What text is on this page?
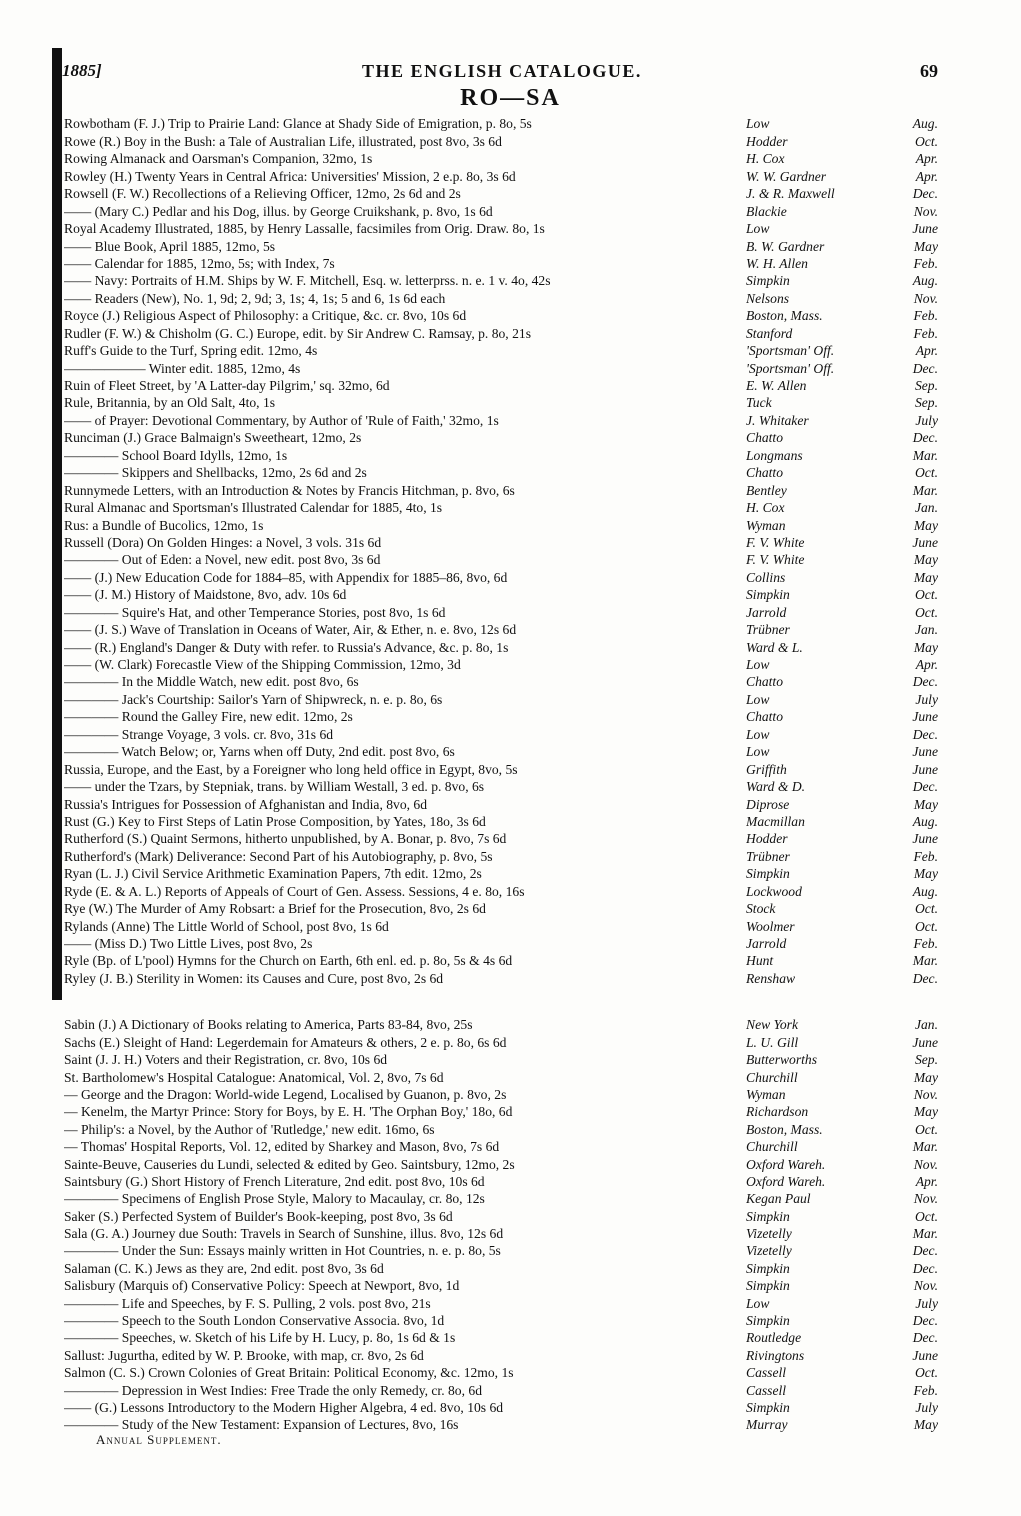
1885]	THE ENGLISH CATALOGUE.	69
RO—SA
Rowbotham (F. J.) Trip to Prairie Land: Glance at Shady Side of Emigration, p. 8o, 5s	Low	Aug.
Rowe (R.) Boy in the Bush: a Tale of Australian Life, illustrated, post 8vo, 3s 6d	Hodder	Oct.
Rowing Almanack and Oarsman's Companion, 32mo, 1s	H. Cox	Apr.
Rowley (H.) Twenty Years in Central Africa: Universities' Mission, 2 e.p. 8o, 3s 6d	W. W. Gardner	Apr.
Rowsell (F. W.) Recollections of a Relieving Officer, 12mo, 2s 6d and 2s	J. & R. Maxwell	Dec.
—— (Mary C.) Pedlar and his Dog, illus. by George Cruikshank, p. 8vo, 1s 6d	Blackie	Nov.
Royal Academy Illustrated, 1885, by Henry Lassalle, facsimiles from Orig. Draw. 8o, 1s	Low	June
—— Blue Book, April 1885, 12mo, 5s	B. W. Gardner	May
—— Calendar for 1885, 12mo, 5s; with Index, 7s	W. H. Allen	Feb.
—— Navy: Portraits of H.M. Ships by W. F. Mitchell, Esq. w. letterprss. n. e. 1 v. 4o, 42s	Simpkin	Aug.
—— Readers (New), No. 1, 9d; 2, 9d; 3, 1s; 4, 1s; 5 and 6, 1s 6d each	Nelsons	Nov.
Royce (J.) Religious Aspect of Philosophy: a Critique, &c. cr. 8vo, 10s 6d	Boston, Mass.	Feb.
Rudler (F. W.) & Chisholm (G. C.) Europe, edit. by Sir Andrew C. Ramsay, p. 8o, 21s	Stanford	Feb.
Ruff's Guide to the Turf, Spring edit. 12mo, 4s	'Sportsman' Off.	Apr.
—————— Winter edit. 1885, 12mo, 4s	'Sportsman' Off.	Dec.
Ruin of Fleet Street, by 'A Latter-day Pilgrim,' sq. 32mo, 6d	E. W. Allen	Sep.
Rule, Britannia, by an Old Salt, 4to, 1s	Tuck	Sep.
—— of Prayer: Devotional Commentary, by Author of 'Rule of Faith,' 32mo, 1s	J. Whitaker	July
Runciman (J.) Grace Balmaign's Sweetheart, 12mo, 2s	Chatto	Dec.
———— School Board Idylls, 12mo, 1s	Longmans	Mar.
———— Skippers and Shellbacks, 12mo, 2s 6d and 2s	Chatto	Oct.
Runnymede Letters, with an Introduction & Notes by Francis Hitchman, p. 8vo, 6s	Bentley	Mar.
Rural Almanac and Sportsman's Illustrated Calendar for 1885, 4to, 1s	H. Cox	Jan.
Rus: a Bundle of Bucolics, 12mo, 1s	Wyman	May
Russell (Dora) On Golden Hinges: a Novel, 3 vols. 31s 6d	F. V. White	June
———— Out of Eden: a Novel, new edit. post 8vo, 3s 6d	F. V. White	May
—— (J.) New Education Code for 1884–85, with Appendix for 1885–86, 8vo, 6d	Collins	May
—— (J. M.) History of Maidstone, 8vo, adv. 10s 6d	Simpkin	Oct.
———— Squire's Hat, and other Temperance Stories, post 8vo, 1s 6d	Jarrold	Oct.
—— (J. S.) Wave of Translation in Oceans of Water, Air, & Ether, n. e. 8vo, 12s 6d	Trübner	Jan.
—— (R.) England's Danger & Duty with refer. to Russia's Advance, &c. p. 8o, 1s	Ward & L.	May
—— (W. Clark) Forecastle View of the Shipping Commission, 12mo, 3d	Low	Apr.
———— In the Middle Watch, new edit. post 8vo, 6s	Chatto	Dec.
———— Jack's Courtship: Sailor's Yarn of Shipwreck, n. e. p. 8o, 6s	Low	July
———— Round the Galley Fire, new edit. 12mo, 2s	Chatto	June
———— Strange Voyage, 3 vols. cr. 8vo, 31s 6d	Low	Dec.
———— Watch Below; or, Yarns when off Duty, 2nd edit. post 8vo, 6s	Low	June
Russia, Europe, and the East, by a Foreigner who long held office in Egypt, 8vo, 5s	Griffith	June
—— under the Tzars, by Stepniak, trans. by William Westall, 3 ed. p. 8vo, 6s	Ward & D.	Dec.
Russia's Intrigues for Possession of Afghanistan and India, 8vo, 6d	Diprose	May
Rust (G.) Key to First Steps of Latin Prose Composition, by Yates, 18o, 3s 6d	Macmillan	Aug.
Rutherford (S.) Quaint Sermons, hitherto unpublished, by A. Bonar, p. 8vo, 7s 6d	Hodder	June
Rutherford's (Mark) Deliverance: Second Part of his Autobiography, p. 8vo, 5s	Trübner	Feb.
Ryan (L. J.) Civil Service Arithmetic Examination Papers, 7th edit. 12mo, 2s	Simpkin	May
Ryde (E. & A. L.) Reports of Appeals of Court of Gen. Assess. Sessions, 4 e. 8o, 16s	Lockwood	Aug.
Rye (W.) The Murder of Amy Robsart: a Brief for the Prosecution, 8vo, 2s 6d	Stock	Oct.
Rylands (Anne) The Little World of School, post 8vo, 1s 6d	Woolmer	Oct.
—— (Miss D.) Two Little Lives, post 8vo, 2s	Jarrold	Feb.
Ryle (Bp. of L'pool) Hymns for the Church on Earth, 6th enl. ed. p. 8o, 5s & 4s 6d	Hunt	Mar.
Ryley (J. B.) Sterility in Women: its Causes and Cure, post 8vo, 2s 6d	Renshaw	Dec.
Sabin (J.) A Dictionary of Books relating to America, Parts 83-84, 8vo, 25s	New York	Jan.
Sachs (E.) Sleight of Hand: Legerdemain for Amateurs & others, 2 e. p. 8o, 6s 6d	L. U. Gill	June
Saint (J. J. H.) Voters and their Registration, cr. 8vo, 10s 6d	Butterworths	Sep.
St. Bartholomew's Hospital Catalogue: Anatomical, Vol. 2, 8vo, 7s 6d	Churchill	May
— George and the Dragon: World-wide Legend, Localised by Guanon, p. 8vo, 2s	Wyman	Nov.
— Kenelm, the Martyr Prince: Story for Boys, by E. H. 'The Orphan Boy,' 18o, 6d	Richardson	May
— Philip's: a Novel, by the Author of 'Rutledge,' new edit. 16mo, 6s	Boston, Mass.	Oct.
— Thomas' Hospital Reports, Vol. 12, edited by Sharkey and Mason, 8vo, 7s 6d	Churchill	Mar.
Sainte-Beuve, Causeries du Lundi, selected & edited by Geo. Saintsbury, 12mo, 2s	Oxford Wareh.	Nov.
Saintsbury (G.) Short History of French Literature, 2nd edit. post 8vo, 10s 6d	Oxford Wareh.	Apr.
———— Specimens of English Prose Style, Malory to Macaulay, cr. 8o, 12s	Kegan Paul	Nov.
Saker (S.) Perfected System of Builder's Book-keeping, post 8vo, 3s 6d	Simpkin	Oct.
Sala (G. A.) Journey due South: Travels in Search of Sunshine, illus. 8vo, 12s 6d	Vizetelly	Mar.
———— Under the Sun: Essays mainly written in Hot Countries, n. e. p. 8o, 5s	Vizetelly	Dec.
Salaman (C. K.) Jews as they are, 2nd edit. post 8vo, 3s 6d	Simpkin	Dec.
Salisbury (Marquis of) Conservative Policy: Speech at Newport, 8vo, 1d	Simpkin	Nov.
———— Life and Speeches, by F. S. Pulling, 2 vols. post 8vo, 21s	Low	July
———— Speech to the South London Conservative Associa. 8vo, 1d	Simpkin	Dec.
———— Speeches, w. Sketch of his Life by H. Lucy, p. 8o, 1s 6d & 1s	Routledge	Dec.
Sallust: Jugurtha, edited by W. P. Brooke, with map, cr. 8vo, 2s 6d	Rivingtons	June
Salmon (C. S.) Crown Colonies of Great Britain: Political Economy, &c. 12mo, 1s	Cassell	Oct.
———— Depression in West Indies: Free Trade the only Remedy, cr. 8o, 6d	Cassell	Feb.
—— (G.) Lessons Introductory to the Modern Higher Algebra, 4 ed. 8vo, 10s 6d	Simpkin	July
———— Study of the New Testament: Expansion of Lectures, 8vo, 16s	Murray	May
Annual Supplement.
